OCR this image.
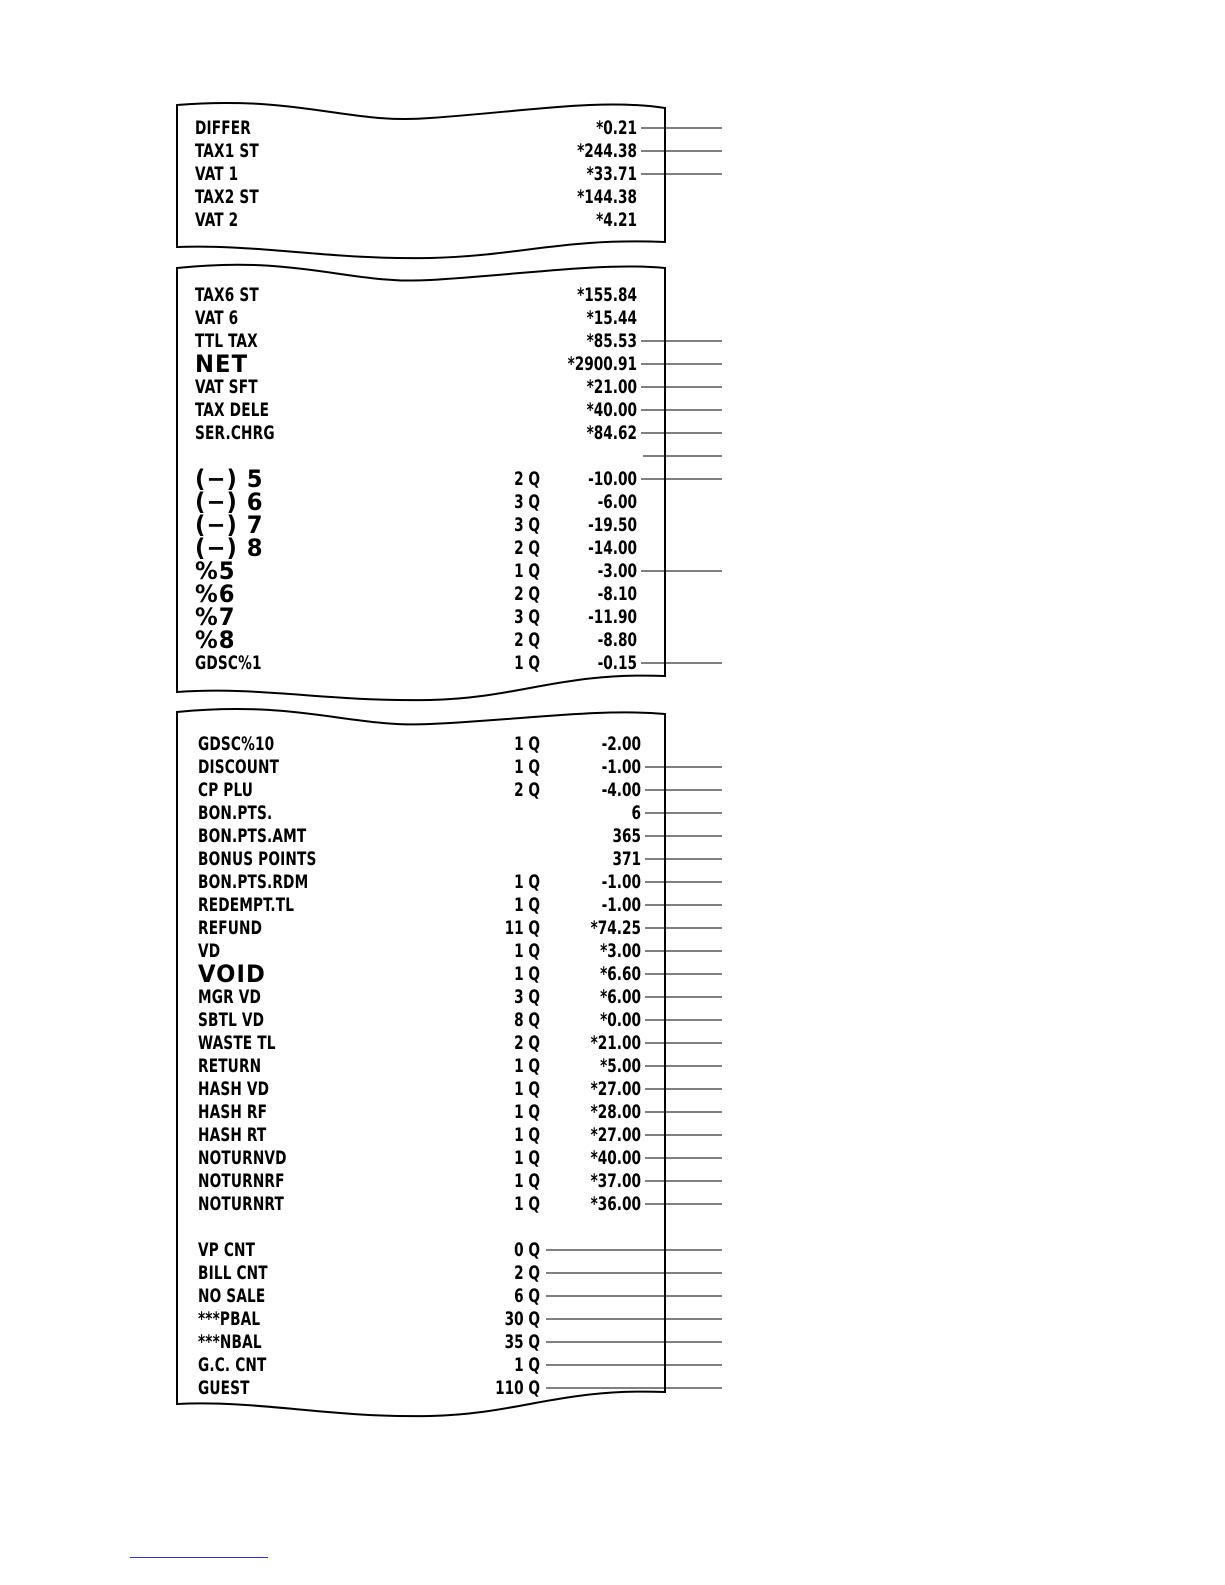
DIFFER	*0.21
TAX1 ST	*244.38
VAT 1	*33.71
TAX2 ST	*144.38
VAT 2	*4.21
TAX6 ST	*155.84
VAT 6	*15.44
TTL TAX	*85.53
NET	*2900.91
VAT SFT	*21.00
TAX DELE	*40.00
SER.CHRG	*84.62
(−) 5	2 Q	-10.00
(−) 6	3 Q	-6.00
(−) 7	3 Q	-19.50
(−) 8	2 Q	-14.00
%5	1 Q	-3.00
%6	2 Q	-8.10
%7	3 Q	-11.90
%8	2 Q	-8.80
GDSC%1	1 Q	-0.15
GDSC%10	1 Q	-2.00
DISCOUNT	1 Q	-1.00
CP PLU	2 Q	-4.00
BON.PTS.	6
BON.PTS.AMT	365
BONUS POINTS	371
BON.PTS.RDM	1 Q	-1.00
REDEMPT.TL	1 Q	-1.00
REFUND	11 Q	*74.25
VD	1 Q	*3.00
VOID	1 Q	*6.60
MGR VD	3 Q	*6.00
SBTL VD	8 Q	*0.00
WASTE TL	2 Q	*21.00
RETURN	1 Q	*5.00
HASH VD	1 Q	*27.00
HASH RF	1 Q	*28.00
HASH RT	1 Q	*27.00
NOTURNVD	1 Q	*40.00
NOTURNRF	1 Q	*37.00
NOTURNRT	1 Q	*36.00
VP CNT	0 Q
BILL CNT	2 Q
NO SALE	6 Q
***PBAL	30 Q
***NBAL	35 Q
G.C. CNT	1 Q
GUEST	110 Q
